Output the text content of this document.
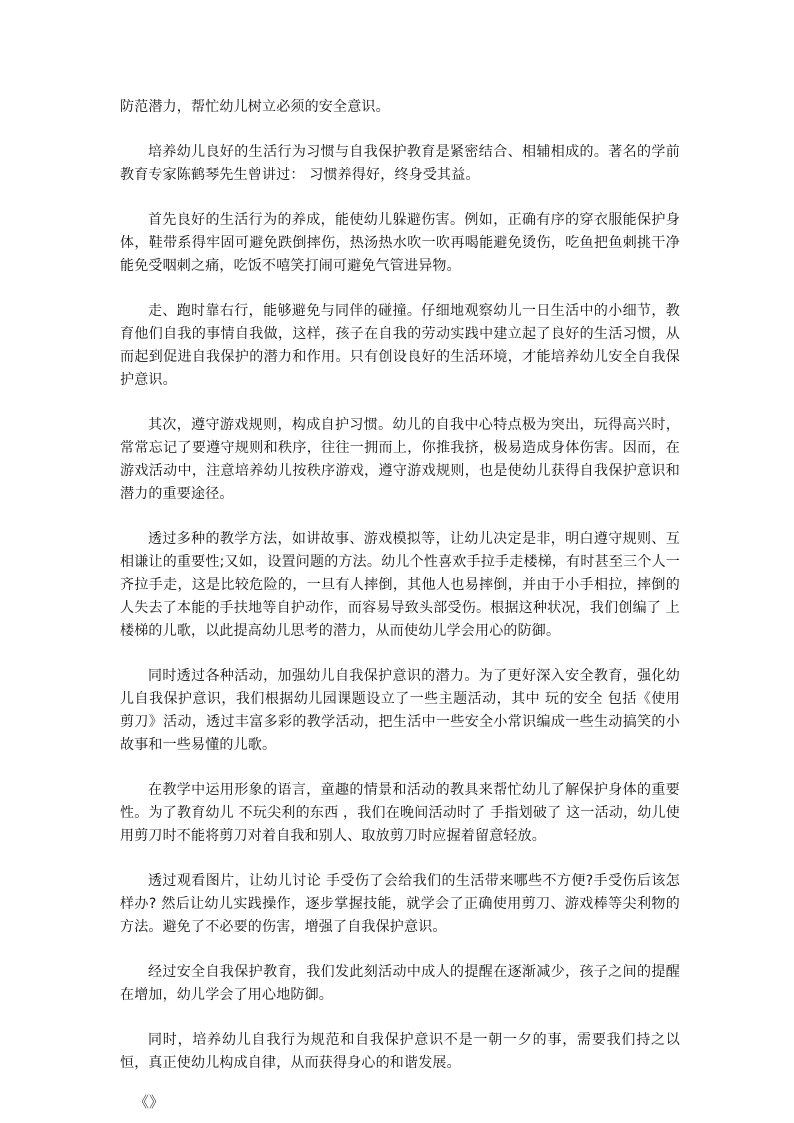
防范潜力，帮忙幼儿树立必须的安全意识。

培养幼儿良好的生活行为习惯与自我保护教育是紧密结合、相辅相成的。著名的学前教育专家陈鹤琴先生曾讲过： 习惯养得好，终身受其益。

首先良好的生活行为的养成，能使幼儿躲避伤害。例如，正确有序的穿衣服能保护身体，鞋带系得牢固可避免跌倒摔伤，热汤热水吹一吹再喝能避免烫伤，吃鱼把鱼刺挑干净能免受咽刺之痛，吃饭不嘻笑打闹可避免气管进异物。

走、跑时靠右行，能够避免与同伴的碰撞。仔细地观察幼儿一日生活中的小细节，教育他们自我的事情自我做，这样，孩子在自我的劳动实践中建立起了良好的生活习惯，从而起到促进自我保护的潜力和作用。只有创设良好的生活环境，才能培养幼儿安全自我保护意识。

其次，遵守游戏规则，构成自护习惯。幼儿的自我中心特点极为突出，玩得高兴时，常常忘记了要遵守规则和秩序，往往一拥而上，你推我挤，极易造成身体伤害。因而，在游戏活动中，注意培养幼儿按秩序游戏，遵守游戏规则，也是使幼儿获得自我保护意识和潜力的重要途径。

透过多种的教学方法，如讲故事、游戏模拟等，让幼儿决定是非，明白遵守规则、互相谦让的重要性;又如，设置问题的方法。幼儿个性喜欢手拉手走楼梯，有时甚至三个人一齐拉手走，这是比较危险的，一旦有人摔倒，其他人也易摔倒，并由于小手相拉，摔倒的人失去了本能的手扶地等自护动作，而容易导致头部受伤。根据这种状况，我们创编了 上楼梯的儿歌，以此提高幼儿思考的潜力，从而使幼儿学会用心的防御。

同时透过各种活动，加强幼儿自我保护意识的潜力。为了更好深入安全教育，强化幼儿自我保护意识，我们根据幼儿园课题设立了一些主题活动，其中 玩的安全 包括《使用剪刀》活动，透过丰富多彩的教学活动，把生活中一些安全小常识编成一些生动搞笑的小故事和一些易懂的儿歌。

在教学中运用形象的语言，童趣的情景和活动的教具来帮忙幼儿了解保护身体的重要性。为了教育幼儿 不玩尖利的东西 ，我们在晚间活动时了 手指划破了 这一活动，幼儿使用剪刀时不能将剪刀对着自我和别人、取放剪刀时应握着留意轻放。

透过观看图片，让幼儿讨论 手受伤了会给我们的生活带来哪些不方便?手受伤后该怎样办? 然后让幼儿实践操作，逐步掌握技能，就学会了正确使用剪刀、游戏棒等尖利物的方法。避免了不必要的伤害，增强了自我保护意识。

经过安全自我保护教育，我们发此刻活动中成人的提醒在逐渐减少，孩子之间的提醒在增加，幼儿学会了用心地防御。

同时，培养幼儿自我行为规范和自我保护意识不是一朝一夕的事，需要我们持之以恒，真正使幼儿构成自律，从而获得身心的和谐发展。

《》
